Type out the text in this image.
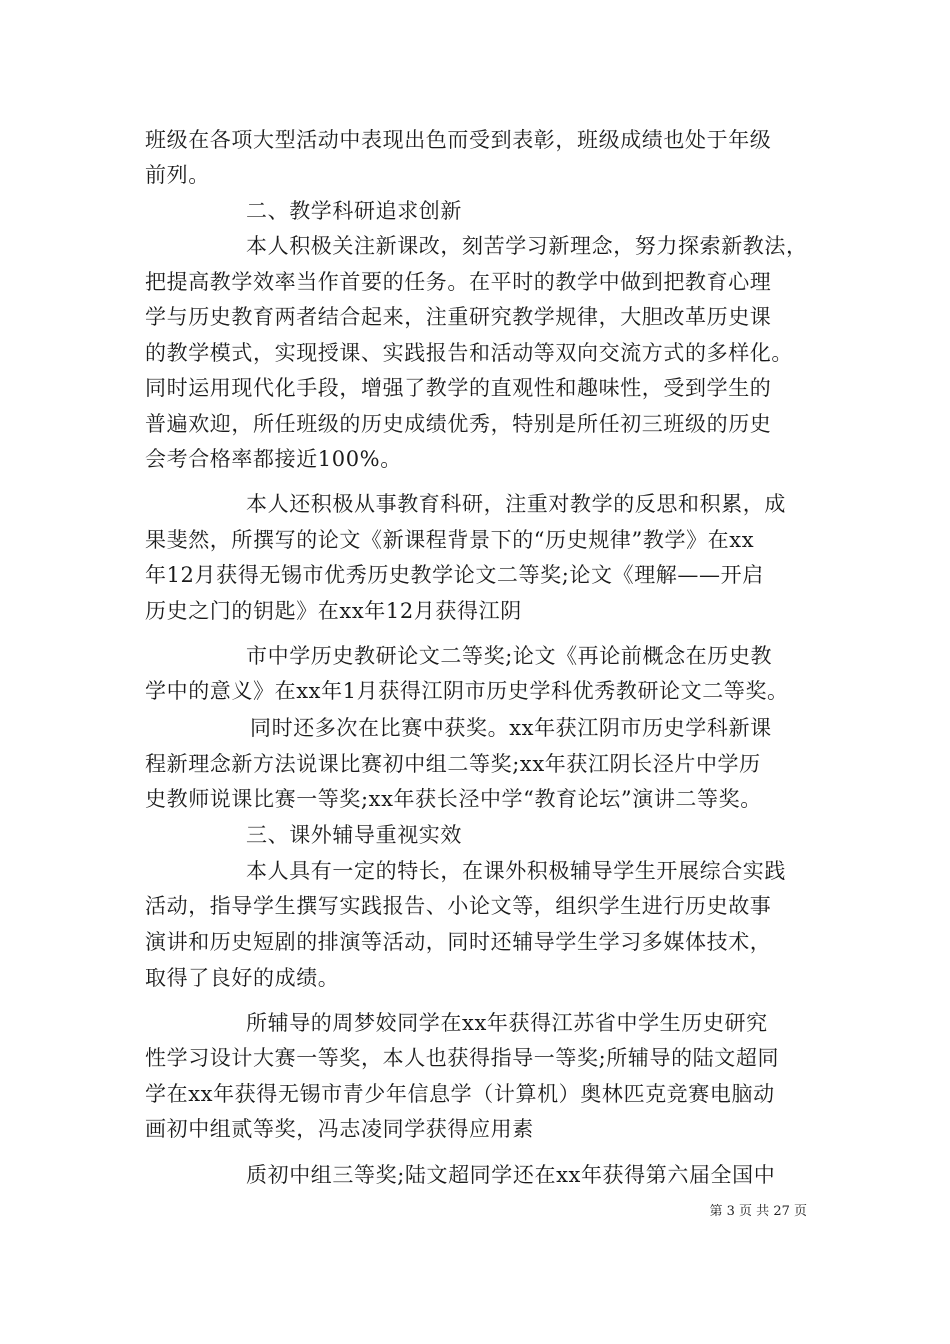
班级在各项大型活动中表现出色而受到表彰，班级成绩也处于年级
前列。
二、教学科研追求创新
本人积极关注新课改，刻苦学习新理念，努力探索新教法，
把提高教学效率当作首要的任务。在平时的教学中做到把教育心理
学与历史教育两者结合起来，注重研究教学规律，大胆改革历史课
的教学模式，实现授课、实践报告和活动等双向交流方式的多样化。
同时运用现代化手段，增强了教学的直观性和趣味性，受到学生的
普遍欢迎，所任班级的历史成绩优秀，特别是所任初三班级的历史
会考合格率都接近100%。
本人还积极从事教育科研，注重对教学的反思和积累，成
果斐然，所撰写的论文《新课程背景下的“历史规律”教学》在xx
年12月获得无锡市优秀历史教学论文二等奖;论文《理解——开启
历史之门的钥匙》在xx年12月获得江阴
市中学历史教研论文二等奖;论文《再论前概念在历史教
学中的意义》在xx年1月获得江阴市历史学科优秀教研论文二等奖。
同时还多次在比赛中获奖。xx年获江阴市历史学科新课
程新理念新方法说课比赛初中组二等奖;xx年获江阴长泾片中学历
史教师说课比赛一等奖;xx年获长泾中学“教育论坛”演讲二等奖。
三、课外辅导重视实效
本人具有一定的特长，在课外积极辅导学生开展综合实践
活动，指导学生撰写实践报告、小论文等，组织学生进行历史故事
演讲和历史短剧的排演等活动，同时还辅导学生学习多媒体技术，
取得了良好的成绩。
所辅导的周梦姣同学在xx年获得江苏省中学生历史研究
性学习设计大赛一等奖，本人也获得指导一等奖;所辅导的陆文超同
学在xx年获得无锡市青少年信息学（计算机）奥林匹克竞赛电脑动
画初中组贰等奖，冯志凌同学获得应用素
质初中组三等奖;陆文超同学还在xx年获得第六届全国中
第 3 页 共 27 页
